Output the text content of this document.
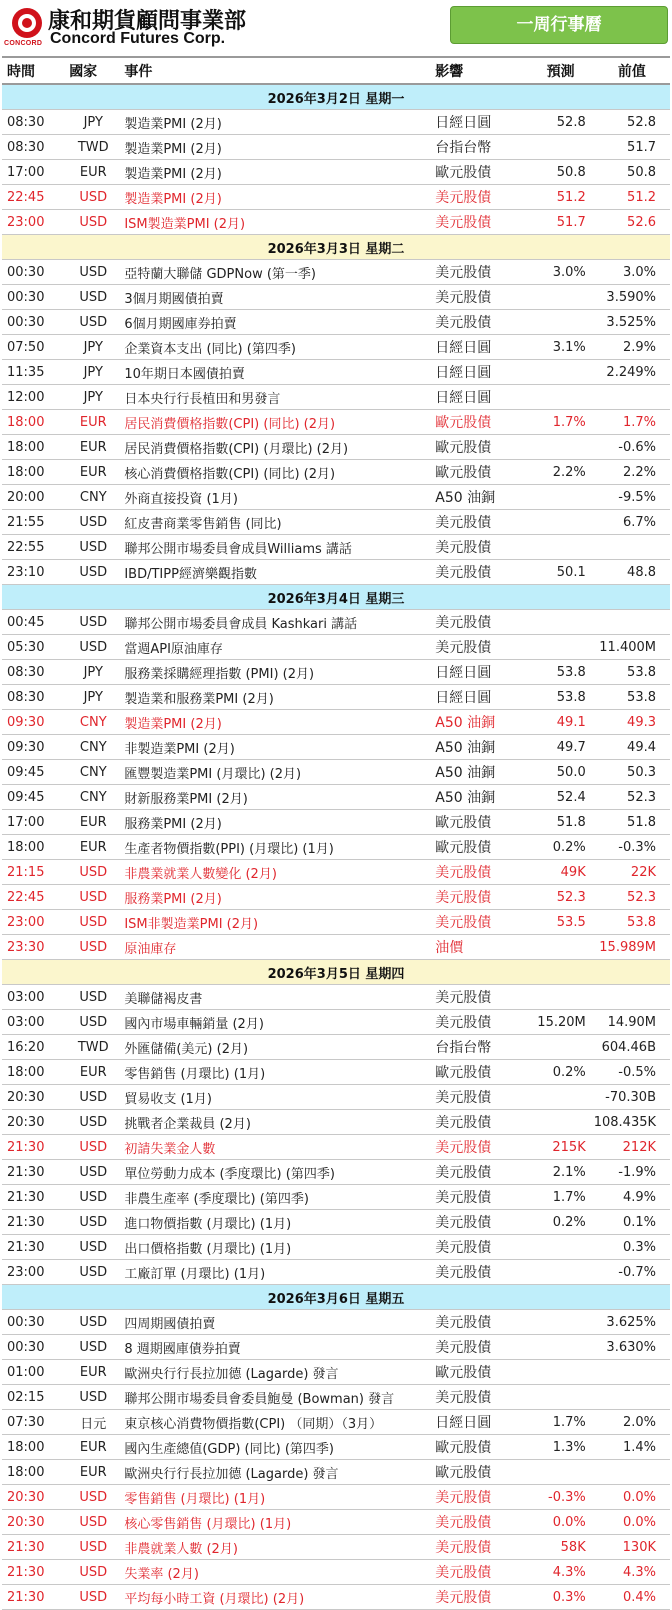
CONCORD
康和期貨顧問事業部
Concord Futures Corp.
一周行事曆
時間	國家	事件	影響	預測	前值
2026年3月2日 星期一					
08:30	JPY	製造業PMI (2月)	日經日圓	52.8	52.8
08:30	TWD	製造業PMI (2月)	台指台幣		51.7
17:00	EUR	製造業PMI (2月)	歐元股債	50.8	50.8
22:45	USD	製造業PMI (2月)	美元股債	51.2	51.2
23:00	USD	ISM製造業PMI (2月)	美元股債	51.7	52.6
2026年3月3日 星期二					
00:30	USD	亞特蘭大聯儲 GDPNow (第一季)	美元股債	3.0%	3.0%
00:30	USD	3個月期國債拍賣	美元股債		3.590%
00:30	USD	6個月期國庫券拍賣	美元股債		3.525%
07:50	JPY	企業資本支出 (同比) (第四季)	日經日圓	3.1%	2.9%
11:35	JPY	10年期日本國債拍賣	日經日圓		2.249%
12:00	JPY	日本央行行長植田和男發言	日經日圓		
18:00	EUR	居民消費價格指數(CPI) (同比) (2月)	歐元股債	1.7%	1.7%
18:00	EUR	居民消費價格指數(CPI) (月環比) (2月)	歐元股債		-0.6%
18:00	EUR	核心消費價格指數(CPI) (同比) (2月)	歐元股債	2.2%	2.2%
20:00	CNY	外商直接投資 (1月)	A50 油銅		-9.5%
21:55	USD	紅皮書商業零售銷售 (同比)	美元股債		6.7%
22:55	USD	聯邦公開市場委員會成員Williams 講話	美元股債		
23:10	USD	IBD/TIPP經濟樂觀指數	美元股債	50.1	48.8
2026年3月4日 星期三					
00:45	USD	聯邦公開市場委員會成員 Kashkari 講話	美元股債		
05:30	USD	當週API原油庫存	美元股債		11.400M
08:30	JPY	服務業採購經理指數 (PMI) (2月)	日經日圓	53.8	53.8
08:30	JPY	製造業和服務業PMI (2月)	日經日圓	53.8	53.8
09:30	CNY	製造業PMI (2月)	A50 油銅	49.1	49.3
09:30	CNY	非製造業PMI (2月)	A50 油銅	49.7	49.4
09:45	CNY	匯豐製造業PMI (月環比) (2月)	A50 油銅	50.0	50.3
09:45	CNY	財新服務業PMI (2月)	A50 油銅	52.4	52.3
17:00	EUR	服務業PMI (2月)	歐元股債	51.8	51.8
18:00	EUR	生產者物價指數(PPI) (月環比) (1月)	歐元股債	0.2%	-0.3%
21:15	USD	非農業就業人數變化 (2月)	美元股債	49K	22K
22:45	USD	服務業PMI (2月)	美元股債	52.3	52.3
23:00	USD	ISM非製造業PMI (2月)	美元股債	53.5	53.8
23:30	USD	原油庫存	油價		15.989M
2026年3月5日 星期四					
03:00	USD	美聯儲褐皮書	美元股債		
03:00	USD	國內市場車輛銷量 (2月)	美元股債	15.20M	14.90M
16:20	TWD	外匯儲備(美元) (2月)	台指台幣		604.46B
18:00	EUR	零售銷售 (月環比) (1月)	歐元股債	0.2%	-0.5%
20:30	USD	貿易收支 (1月)	美元股債		-70.30B
20:30	USD	挑戰者企業裁員 (2月)	美元股債		108.435K
21:30	USD	初請失業金人數	美元股債	215K	212K
21:30	USD	單位勞動力成本 (季度環比) (第四季)	美元股債	2.1%	-1.9%
21:30	USD	非農生產率 (季度環比) (第四季)	美元股債	1.7%	4.9%
21:30	USD	進口物價指數 (月環比) (1月)	美元股債	0.2%	0.1%
21:30	USD	出口價格指數 (月環比) (1月)	美元股債		0.3%
23:00	USD	工廠訂單 (月環比) (1月)	美元股債		-0.7%
2026年3月6日 星期五					
00:30	USD	四周期國債拍賣	美元股債		3.625%
00:30	USD	8 週期國庫債券拍賣	美元股債		3.630%
01:00	EUR	歐洲央行行長拉加德 (Lagarde) 發言	歐元股債		
02:15	USD	聯邦公開市場委員會委員鮑曼 (Bowman) 發言	美元股債		
07:30	日元	東京核心消費物價指數(CPI) （同期）（3月）	日經日圓	1.7%	2.0%
18:00	EUR	國內生產總值(GDP) (同比) (第四季)	歐元股債	1.3%	1.4%
18:00	EUR	歐洲央行行長拉加德 (Lagarde) 發言	歐元股債		
20:30	USD	零售銷售 (月環比) (1月)	美元股債	-0.3%	0.0%
20:30	USD	核心零售銷售 (月環比) (1月)	美元股債	0.0%	0.0%
21:30	USD	非農就業人數 (2月)	美元股債	58K	130K
21:30	USD	失業率 (2月)	美元股債	4.3%	4.3%
21:30	USD	平均每小時工資 (月環比) (2月)	美元股債	0.3%	0.4%
